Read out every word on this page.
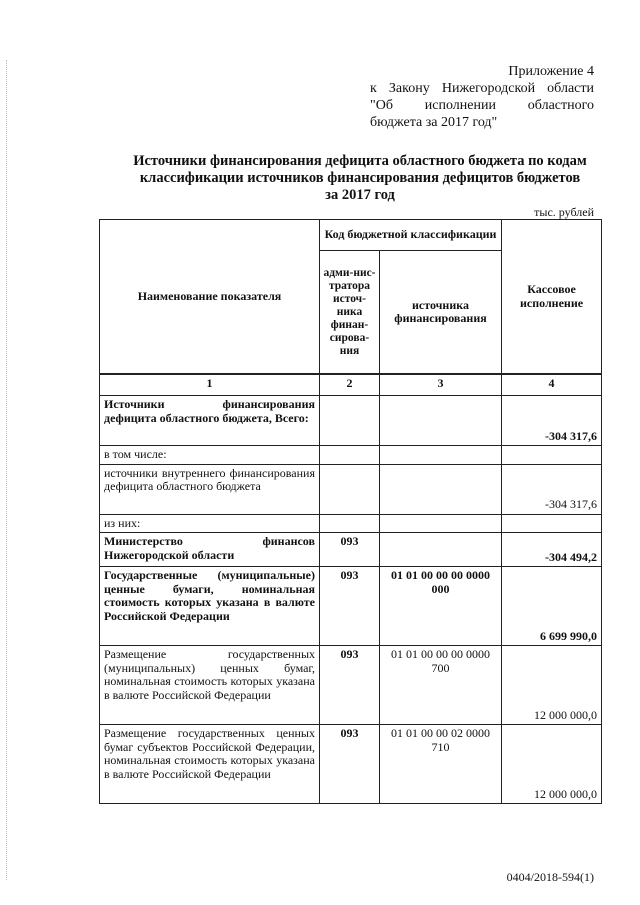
Приложение 4
к Закону Нижегородской области
"Об исполнении областного
бюджета за 2017 год"
Источники финансирования дефицита областного бюджета по кодам
классификации источников финансирования дефицитов бюджетов
за 2017 год
тыс. рублей
Наименование показателя	Код бюджетной классификации		Кассовое исполнение
	адми-нис-тратора источ-ника финан-сирова-ния	источника финансирования	
1	2	3	4
Источники финансирования дефицита областного бюджета, Всего:			-304 317,6
в том числе:			
источники внутреннего финансирования дефицита областного бюджета			-304 317,6
из них:			
Министерство финансов Нижегородской области	093		-304 494,2
Государственные (муниципальные) ценные бумаги, номинальная стоимость которых указана в валюте Российской Федерации	093	01 01 00 00 00 0000 000	6 699 990,0
Размещение государственных (муниципальных) ценных бумаг, номинальная стоимость которых указана в валюте Российской Федерации	093	01 01 00 00 00 0000 700	12 000 000,0
Размещение государственных ценных бумаг субъектов Российской Федерации, номинальная стоимость которых указана в валюте Российской Федерации	093	01 01 00 00 02 0000 710	12 000 000,0
0404/2018-594(1)
